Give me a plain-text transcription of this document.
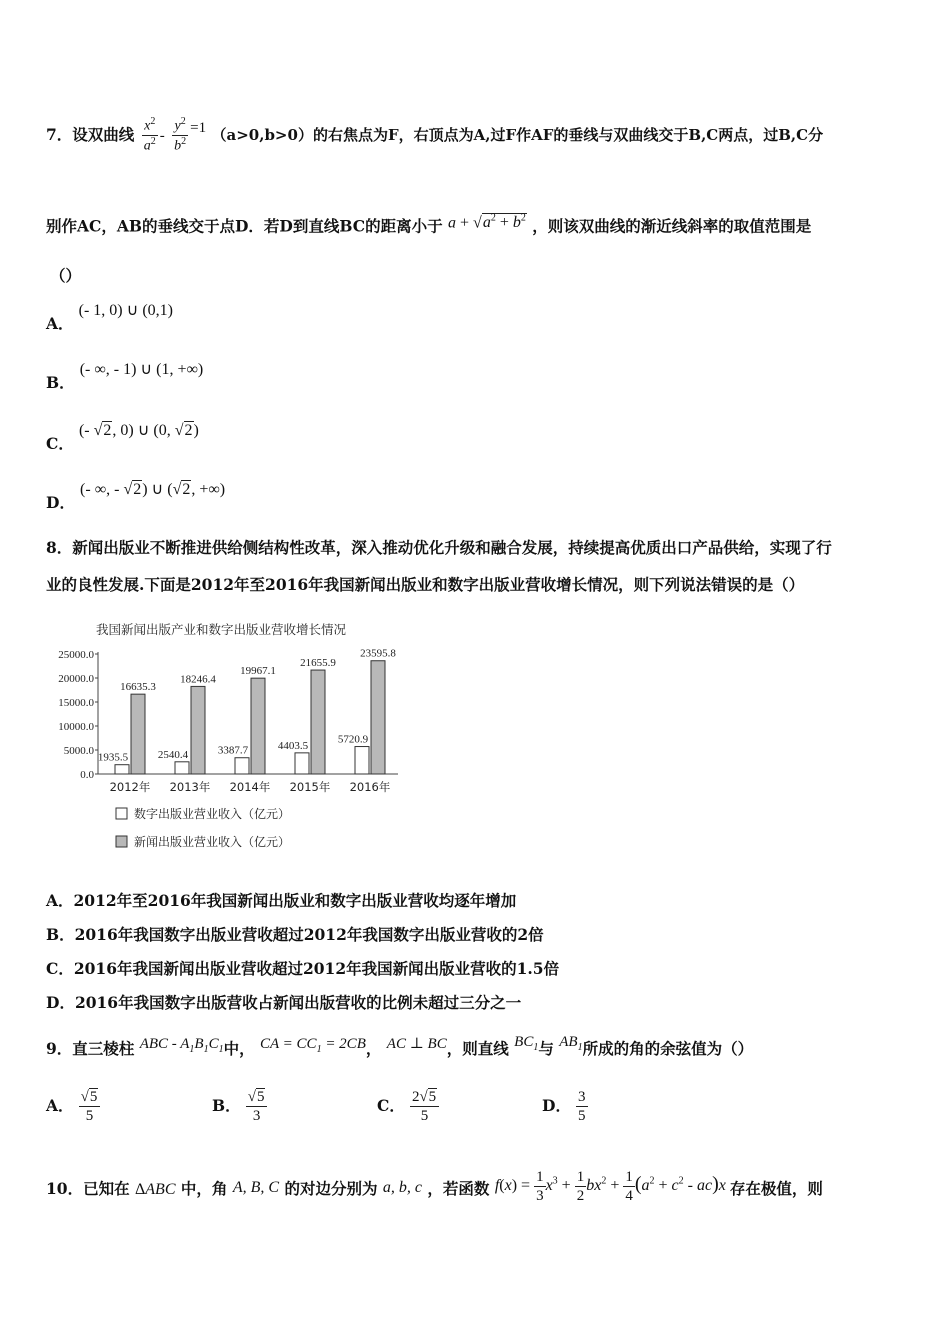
7．设双曲线 $\frac{x^2}{a^2} - \frac{y^2}{b^2} =1$ （a>0,b>0）的右焦点为F，右顶点为A,过F作AF的垂线与双曲线交于B,C两点，过B,C分
别作AC，AB的垂线交于点D．若D到直线BC的距离小于 $a + √a^2 + b^2$ ，则该双曲线的渐近线斜率的取值范围是
（）
A． (- 1, 0) ∪ (0,1)
B． (- ∞, - 1) ∪ (1, +∞)
C． (- √2, 0) ∪ (0, √2)
D． (- ∞, - √2) ∪ (√2, +∞)
8．新闻出版业不断推进供给侧结构性改革，深入推动优化升级和融合发展，持续提高优质出口产品供给，实现了行
业的良性发展.下面是2012年至2016年我国新闻出版业和数字出版业营收增长情况，则下列说法错误的是（）
我国新闻出版产业和数字出版业营收增长情况
0.0
5000.0
10000.0
15000.0
20000.0
25000.0
1935.5
16635.3
2012年
2540.4
18246.4
2013年
3387.7
19967.1
2014年
4403.5
21655.9
2015年
5720.9
23595.8
2016年
数字出版业营业收入（亿元）
新闻出版业营业收入（亿元）
A．2012年至2016年我国新闻出版业和数字出版业营收均逐年增加
B．2016年我国数字出版业营收超过2012年我国数字出版业营收的2倍
C．2016年我国新闻出版业营收超过2012年我国新闻出版业营收的1.5倍
D．2016年我国数字出版营收占新闻出版营收的比例未超过三分之一
9．直三棱柱 ABC - $A_1B_1C_1$中， CA = $CC_1 = 2CB$， AC ⊥ BC，则直线 $BC_1$与 $AB_1$所成的角的余弦值为（）
A． $\frac{√5}{5}$	B． $\frac{√5}{3}$	C． $\frac{2√5}{5}$	D． $\frac{3}{5}$
10．已知在 ΔABC 中，角 A, B, C 的对边分别为 a, b, c ，若函数 $f(x) = \frac{1}{3} x^3 + \frac{1}{2} bx^2 + \frac{1}{4} (a^2 + c^2 - ac)x$ 存在极值，则
